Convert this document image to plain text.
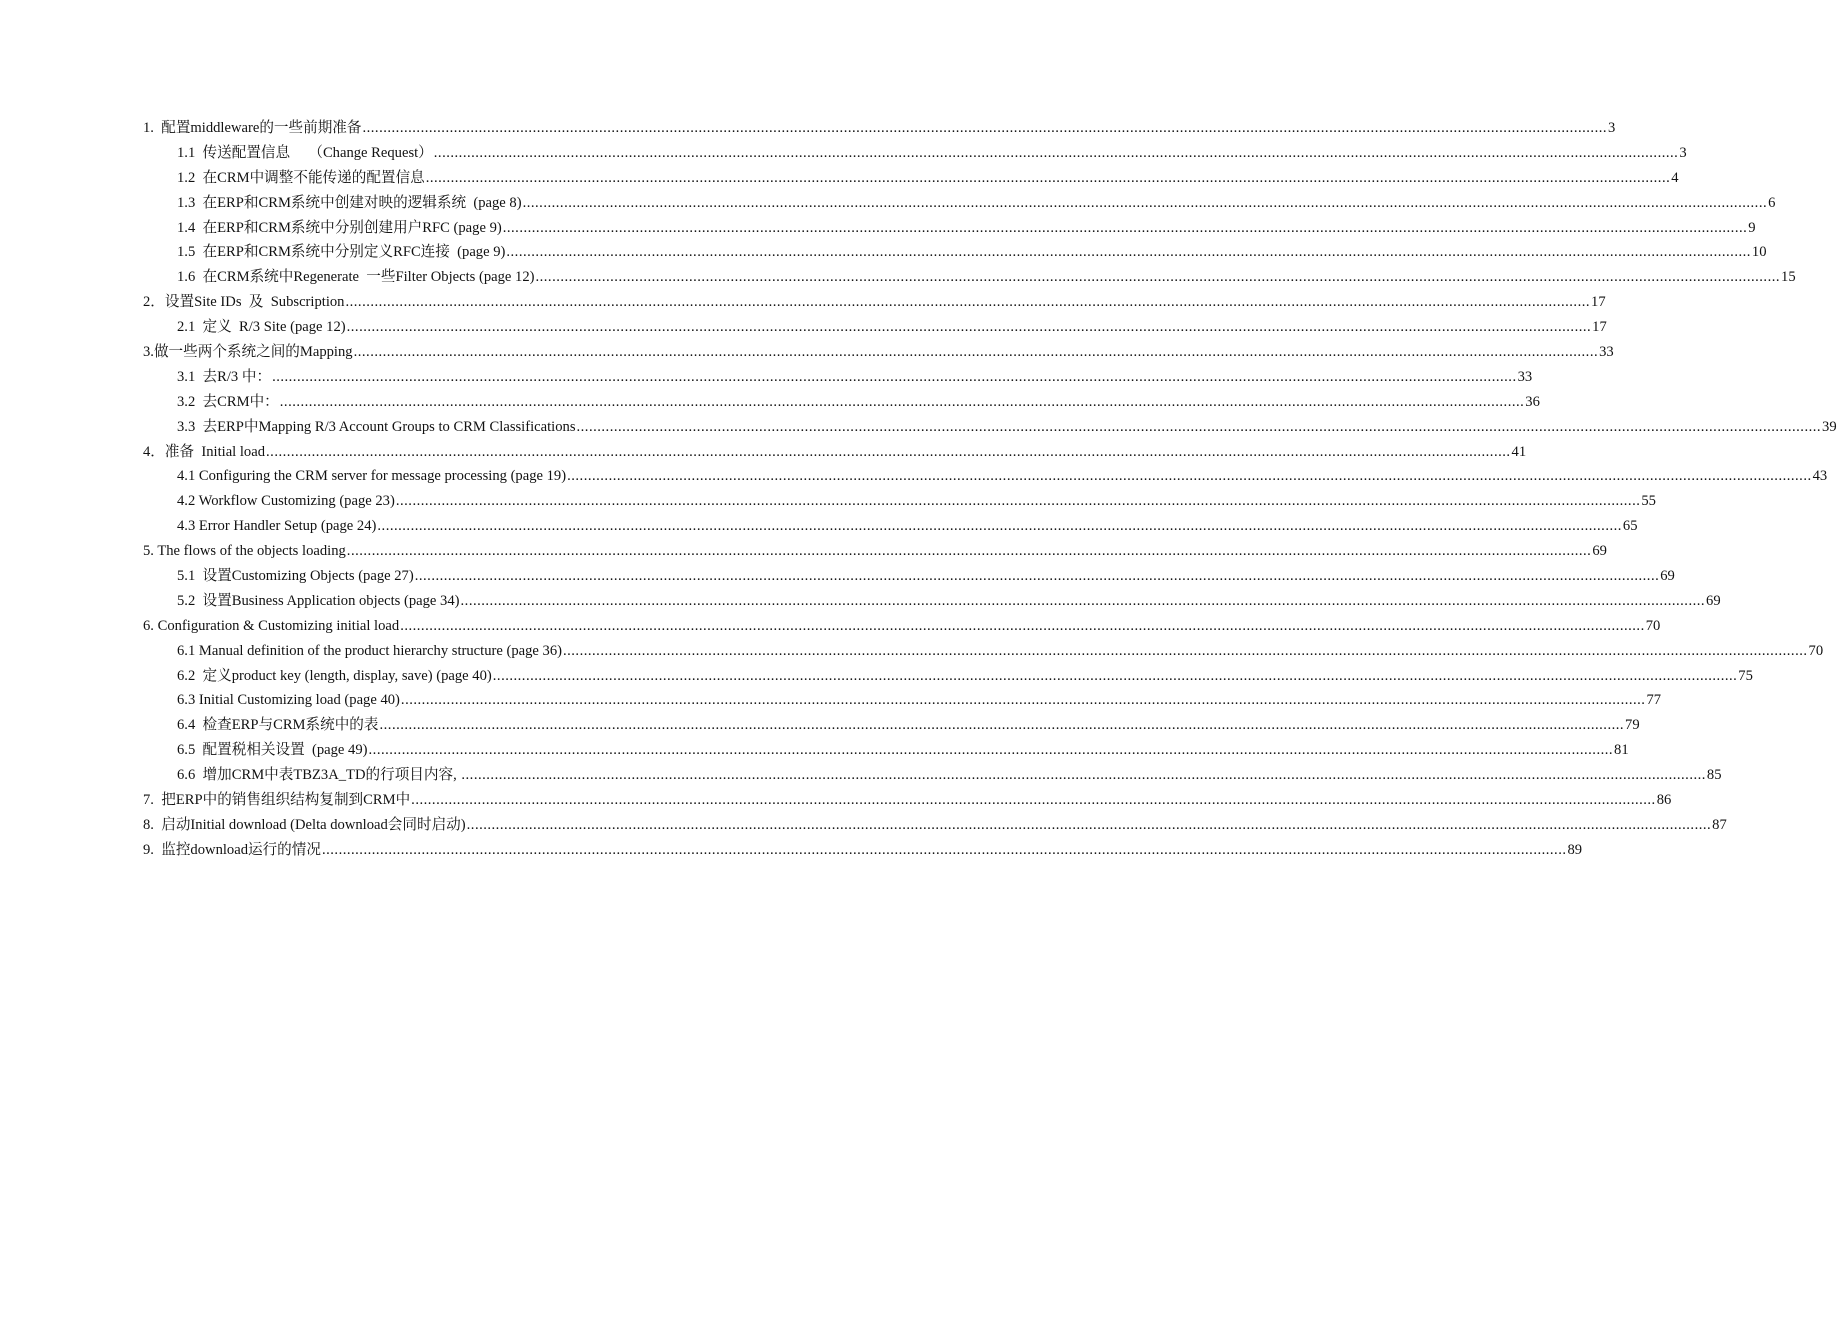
1.  配置middleware的一些前期准备 ............................................................................................................................................................................................................................................................................................................ 3
1.1  传送配置信息     （Change Request） ............................................................................................................................................................................................................................................................................................................ 3
1.2  在CRM中调整不能传递的配置信息 ............................................................................................................................................................................................................................................................................................................ 4
1.3  在ERP和CRM系统中创建对映的逻辑系统  (page 8) ............................................................................................................................................................................................................................................................................................................ 6
1.4  在ERP和CRM系统中分别创建用户RFC (page 9) ............................................................................................................................................................................................................................................................................................................ 9
1.5  在ERP和CRM系统中分别定义RFC连接  (page 9) ............................................................................................................................................................................................................................................................................................................ 10
1.6  在CRM系统中Regenerate  一些Filter Objects (page 12) ............................................................................................................................................................................................................................................................................................................ 15
2．设置Site IDs  及  Subscription ............................................................................................................................................................................................................................................................................................................ 17
2.1  定义  R/3 Site (page 12) ............................................................................................................................................................................................................................................................................................................ 17
3.做一些两个系统之间的Mapping ............................................................................................................................................................................................................................................................................................................ 33
3.1  去R/3 中： ............................................................................................................................................................................................................................................................................................................ 33
3.2  去CRM中： ............................................................................................................................................................................................................................................................................................................ 36
3.3  去ERP中Mapping R/3 Account Groups to CRM Classifications ............................................................................................................................................................................................................................................................................................................ 39
4．准备  Initial load ............................................................................................................................................................................................................................................................................................................ 41
4.1 Configuring the CRM server for message processing (page 19) ............................................................................................................................................................................................................................................................................................................ 43
4.2 Workflow Customizing (page 23) ............................................................................................................................................................................................................................................................................................................ 55
4.3 Error Handler Setup (page 24) ............................................................................................................................................................................................................................................................................................................ 65
5. The flows of the objects loading ............................................................................................................................................................................................................................................................................................................ 69
5.1  设置Customizing Objects (page 27) ............................................................................................................................................................................................................................................................................................................ 69
5.2  设置Business Application objects (page 34) ............................................................................................................................................................................................................................................................................................................ 69
6. Configuration & Customizing initial load ............................................................................................................................................................................................................................................................................................................ 70
6.1 Manual definition of the product hierarchy structure (page 36) ............................................................................................................................................................................................................................................................................................................ 70
6.2  定义product key (length, display, save) (page 40) ............................................................................................................................................................................................................................................................................................................ 75
6.3 Initial Customizing load (page 40) ............................................................................................................................................................................................................................................................................................................ 77
6.4  检查ERP与CRM系统中的表 ............................................................................................................................................................................................................................................................................................................ 79
6.5  配置税相关设置  (page 49) ............................................................................................................................................................................................................................................................................................................ 81
6.6  增加CRM中表TBZ3A_TD的行项目内容, ............................................................................................................................................................................................................................................................................................................ 85
7.  把ERP中的销售组织结构复制到CRM中 ............................................................................................................................................................................................................................................................................................................ 86
8.  启动Initial download (Delta download会同时启动) ............................................................................................................................................................................................................................................................................................................ 87
9.  监控download运行的情况 ............................................................................................................................................................................................................................................................................................................ 89
